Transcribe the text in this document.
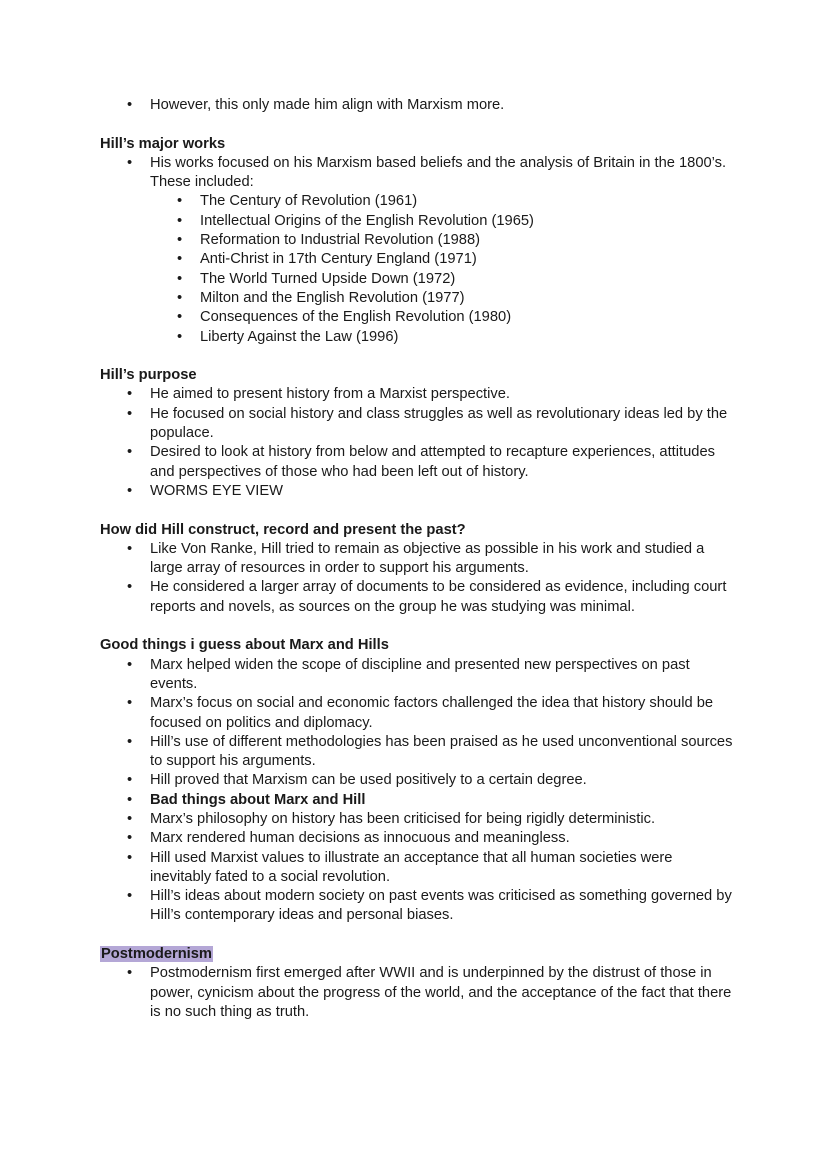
•	However, this only made him align with Marxism more.
Hill’s major works
•	His works focused on his Marxism based beliefs and the analysis of Britain in the 1800’s. These included:
•	The Century of Revolution (1961)
•	Intellectual Origins of the English Revolution (1965)
•	Reformation to Industrial Revolution (1988)
•	Anti-Christ in 17th Century England (1971)
•	The World Turned Upside Down (1972)
•	Milton and the English Revolution (1977)
•	Consequences of the English Revolution (1980)
•	Liberty Against the Law (1996)
Hill’s purpose
•	He aimed to present history from a Marxist perspective.
•	He focused on social history and class struggles as well as revolutionary ideas led by the populace.
•	Desired to look at history from below and attempted to recapture experiences, attitudes and perspectives of those who had been left out of history.
•	WORMS EYE VIEW
How did Hill construct, record and present the past?
•	Like Von Ranke, Hill tried to remain as objective as possible in his work and studied a large array of resources in order to support his arguments.
•	He considered a larger array of documents to be considered as evidence, including court reports and novels, as sources on the group he was studying was minimal.
Good things i guess about Marx and Hills
•	Marx helped widen the scope of discipline and presented new perspectives on past events.
•	Marx’s focus on social and economic factors challenged the idea that history should be focused on politics and diplomacy.
•	Hill’s use of different methodologies has been praised as he used unconventional sources to support his arguments.
•	Hill proved that Marxism can be used positively to a certain degree.
•	Bad things about Marx and Hill
•	Marx’s philosophy on history has been criticised for being rigidly deterministic.
•	Marx rendered human decisions as innocuous and meaningless.
•	Hill used Marxist values to illustrate an acceptance that all human societies were inevitably fated to a social revolution.
•	Hill’s ideas about modern society on past events was criticised as something governed by Hill’s contemporary ideas and personal biases.
Postmodernism
•	Postmodernism first emerged after WWII and is underpinned by the distrust of those in power, cynicism about the progress of the world, and the acceptance of the fact that there is no such thing as truth.
